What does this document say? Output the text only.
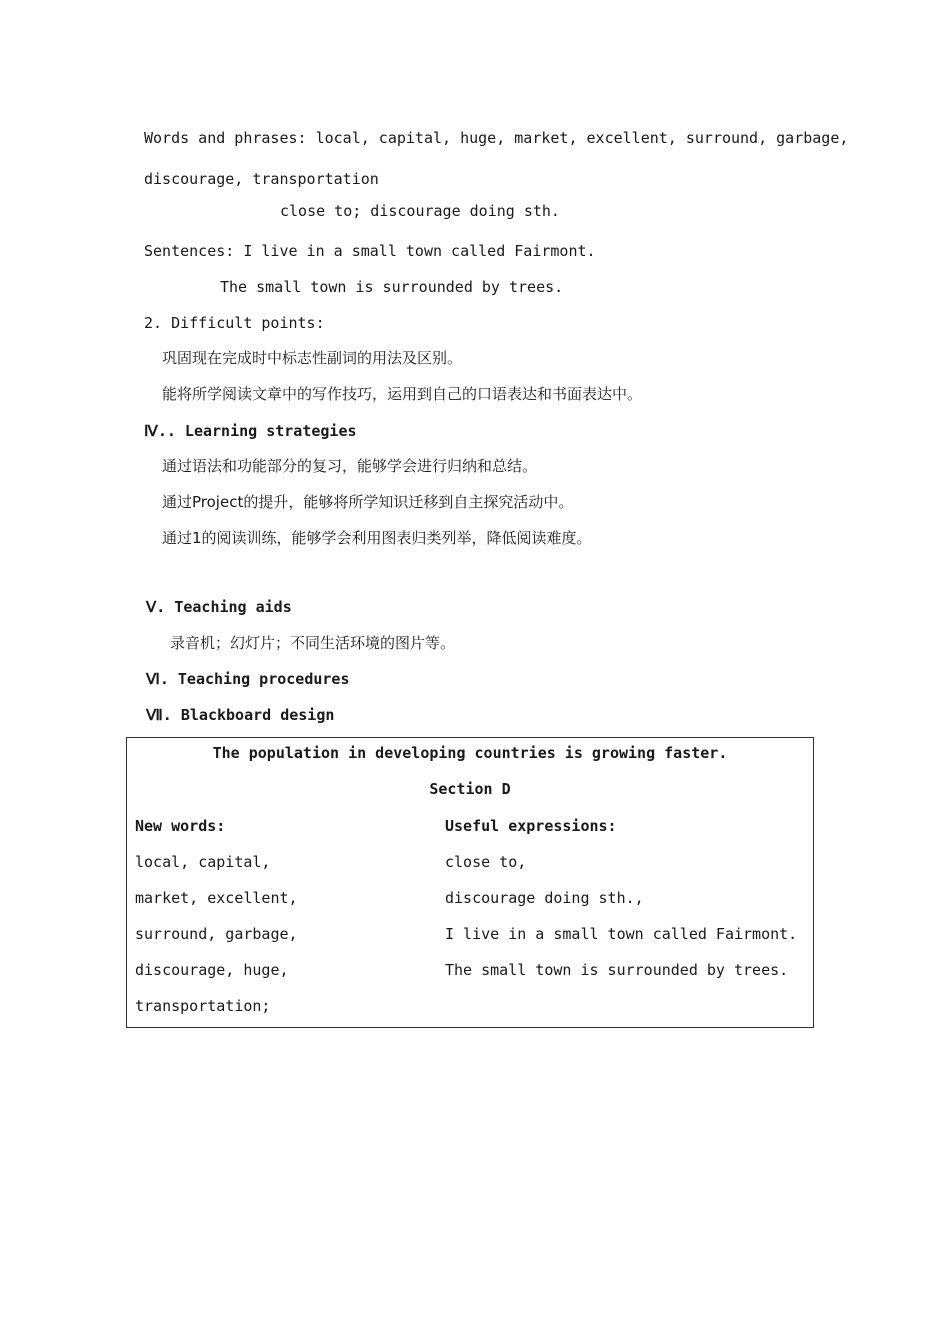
Words and phrases: local, capital, huge, market, excellent, surround, garbage,
discourage, transportation
close to; discourage doing sth.
Sentences: I live in a small town called Fairmont.
The small town is surrounded by trees.
2. Difficult points:
巩固现在完成时中标志性副词的用法及区别。
能将所学阅读文章中的写作技巧，运用到自己的口语表达和书面表达中。
Ⅳ.. Learning strategies
通过语法和功能部分的复习，能够学会进行归纳和总结。
通过Project的提升，能够将所学知识迁移到自主探究活动中。
通过1的阅读训练，能够学会利用图表归类列举，降低阅读难度。
Ⅴ. Teaching aids
录音机；幻灯片；不同生活环境的图片等。
Ⅵ. Teaching procedures
Ⅶ. Blackboard design
The population in developing countries is growing faster.
Section D
New words:
local, capital,
market, excellent,
surround, garbage,
discourage, huge,
transportation;
Useful expressions:
close to,
discourage doing sth.,
I live in a small town called Fairmont.
The small town is surrounded by trees.
